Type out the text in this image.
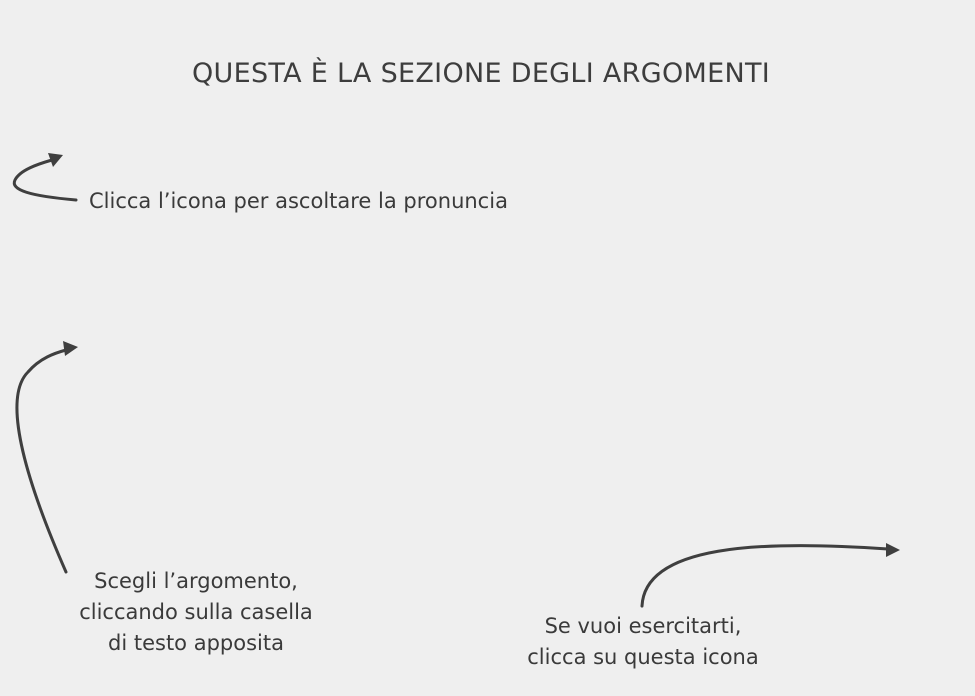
QUESTA È LA SEZIONE DEGLI ARGOMENTI
Clicca l’icona per ascoltare la pronuncia
Scegli l’argomento,
cliccando sulla casella
di testo apposita
Se vuoi esercitarti,
clicca su questa icona
